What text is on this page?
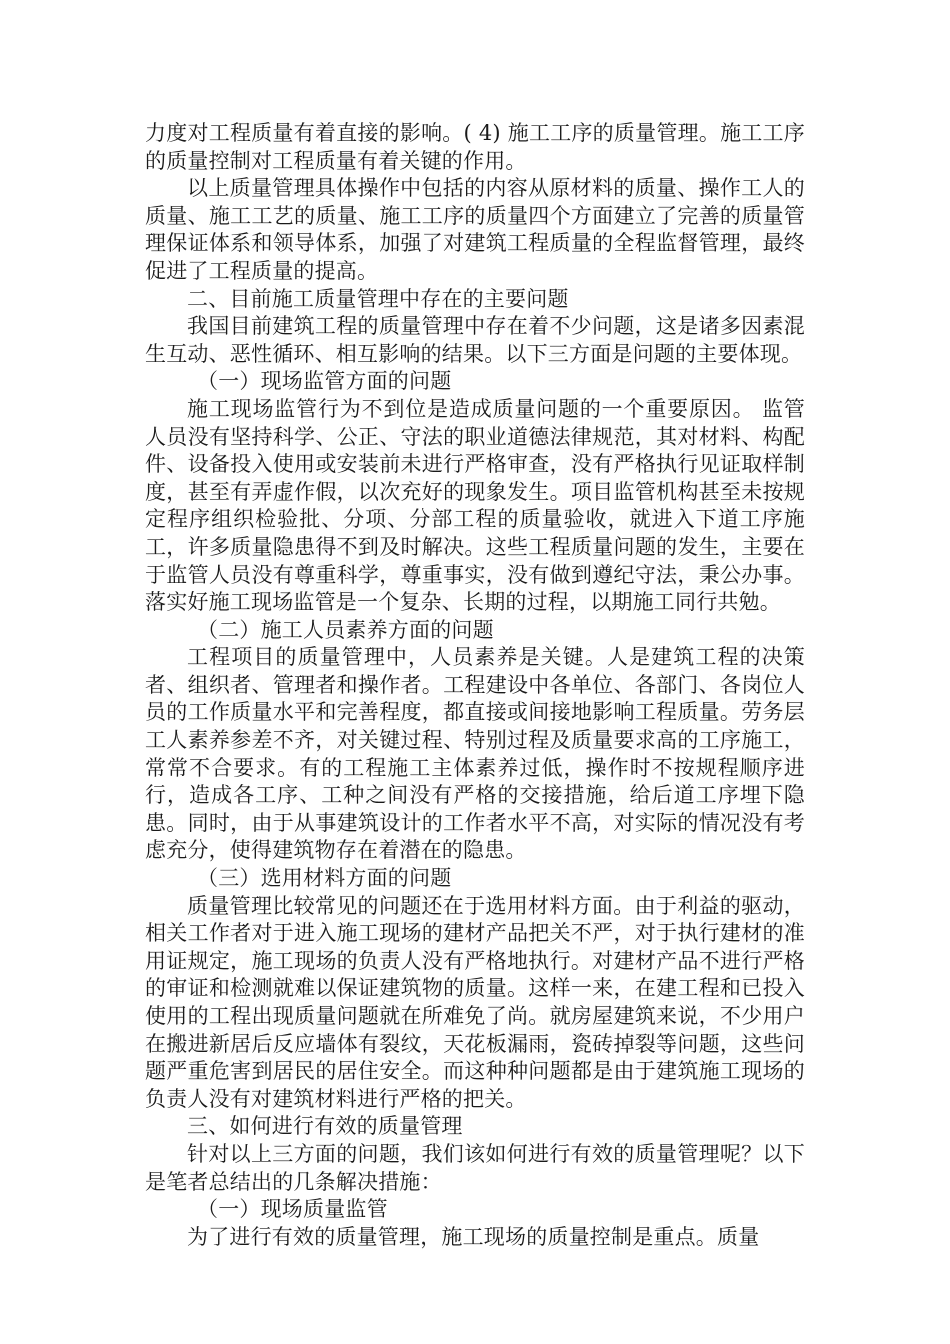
力度对工程质量有着直接的影响。( 4) 施工工序的质量管理。施工工序的质量控制对工程质量有着关键的作用。

以上质量管理具体操作中包括的内容从原材料的质量、操作工人的质量、施工工艺的质量、施工工序的质量四个方面建立了完善的质量管理保证体系和领导体系，加强了对建筑工程质量的全程监督管理，最终促进了工程质量的提高。

二、目前施工质量管理中存在的主要问题

我国目前建筑工程的质量管理中存在着不少问题，这是诸多因素混生互动、恶性循环、相互影响的结果。以下三方面是问题的主要体现。

（一）现场监管方面的问题

施工现场监管行为不到位是造成质量问题的一个重要原因。 监管人员没有坚持科学、公正、守法的职业道德法律规范，其对材料、构配件、设备投入使用或安装前未进行严格审查，没有严格执行见证取样制度，甚至有弄虚作假，以次充好的现象发生。项目监管机构甚至未按规定程序组织检验批、分项、分部工程的质量验收，就进入下道工序施工，许多质量隐患得不到及时解决。这些工程质量问题的发生，主要在于监管人员没有尊重科学，尊重事实，没有做到遵纪守法，秉公办事。落实好施工现场监管是一个复杂、长期的过程，以期施工同行共勉。

（二）施工人员素养方面的问题

工程项目的质量管理中，人员素养是关键。人是建筑工程的决策者、组织者、管理者和操作者。工程建设中各单位、各部门、各岗位人员的工作质量水平和完善程度，都直接或间接地影响工程质量。劳务层工人素养参差不齐，对关键过程、特别过程及质量要求高的工序施工，常常不合要求。有的工程施工主体素养过低，操作时不按规程顺序进行，造成各工序、工种之间没有严格的交接措施，给后道工序埋下隐患。同时，由于从事建筑设计的工作者水平不高，对实际的情况没有考虑充分，使得建筑物存在着潜在的隐患。

（三）选用材料方面的问题

质量管理比较常见的问题还在于选用材料方面。由于利益的驱动，相关工作者对于进入施工现场的建材产品把关不严，对于执行建材的准用证规定，施工现场的负责人没有严格地执行。对建材产品不进行严格的审证和检测就难以保证建筑物的质量。这样一来，在建工程和已投入使用的工程出现质量问题就在所难免了尚。就房屋建筑来说，不少用户在搬进新居后反应墙体有裂纹，天花板漏雨，瓷砖掉裂等问题，这些问题严重危害到居民的居住安全。而这种种问题都是由于建筑施工现场的负责人没有对建筑材料进行严格的把关。

三、如何进行有效的质量管理

针对以上三方面的问题，我们该如何进行有效的质量管理呢？以下是笔者总结出的几条解决措施：

（一）现场质量监管

为了进行有效的质量管理，施工现场的质量控制是重点。质量
